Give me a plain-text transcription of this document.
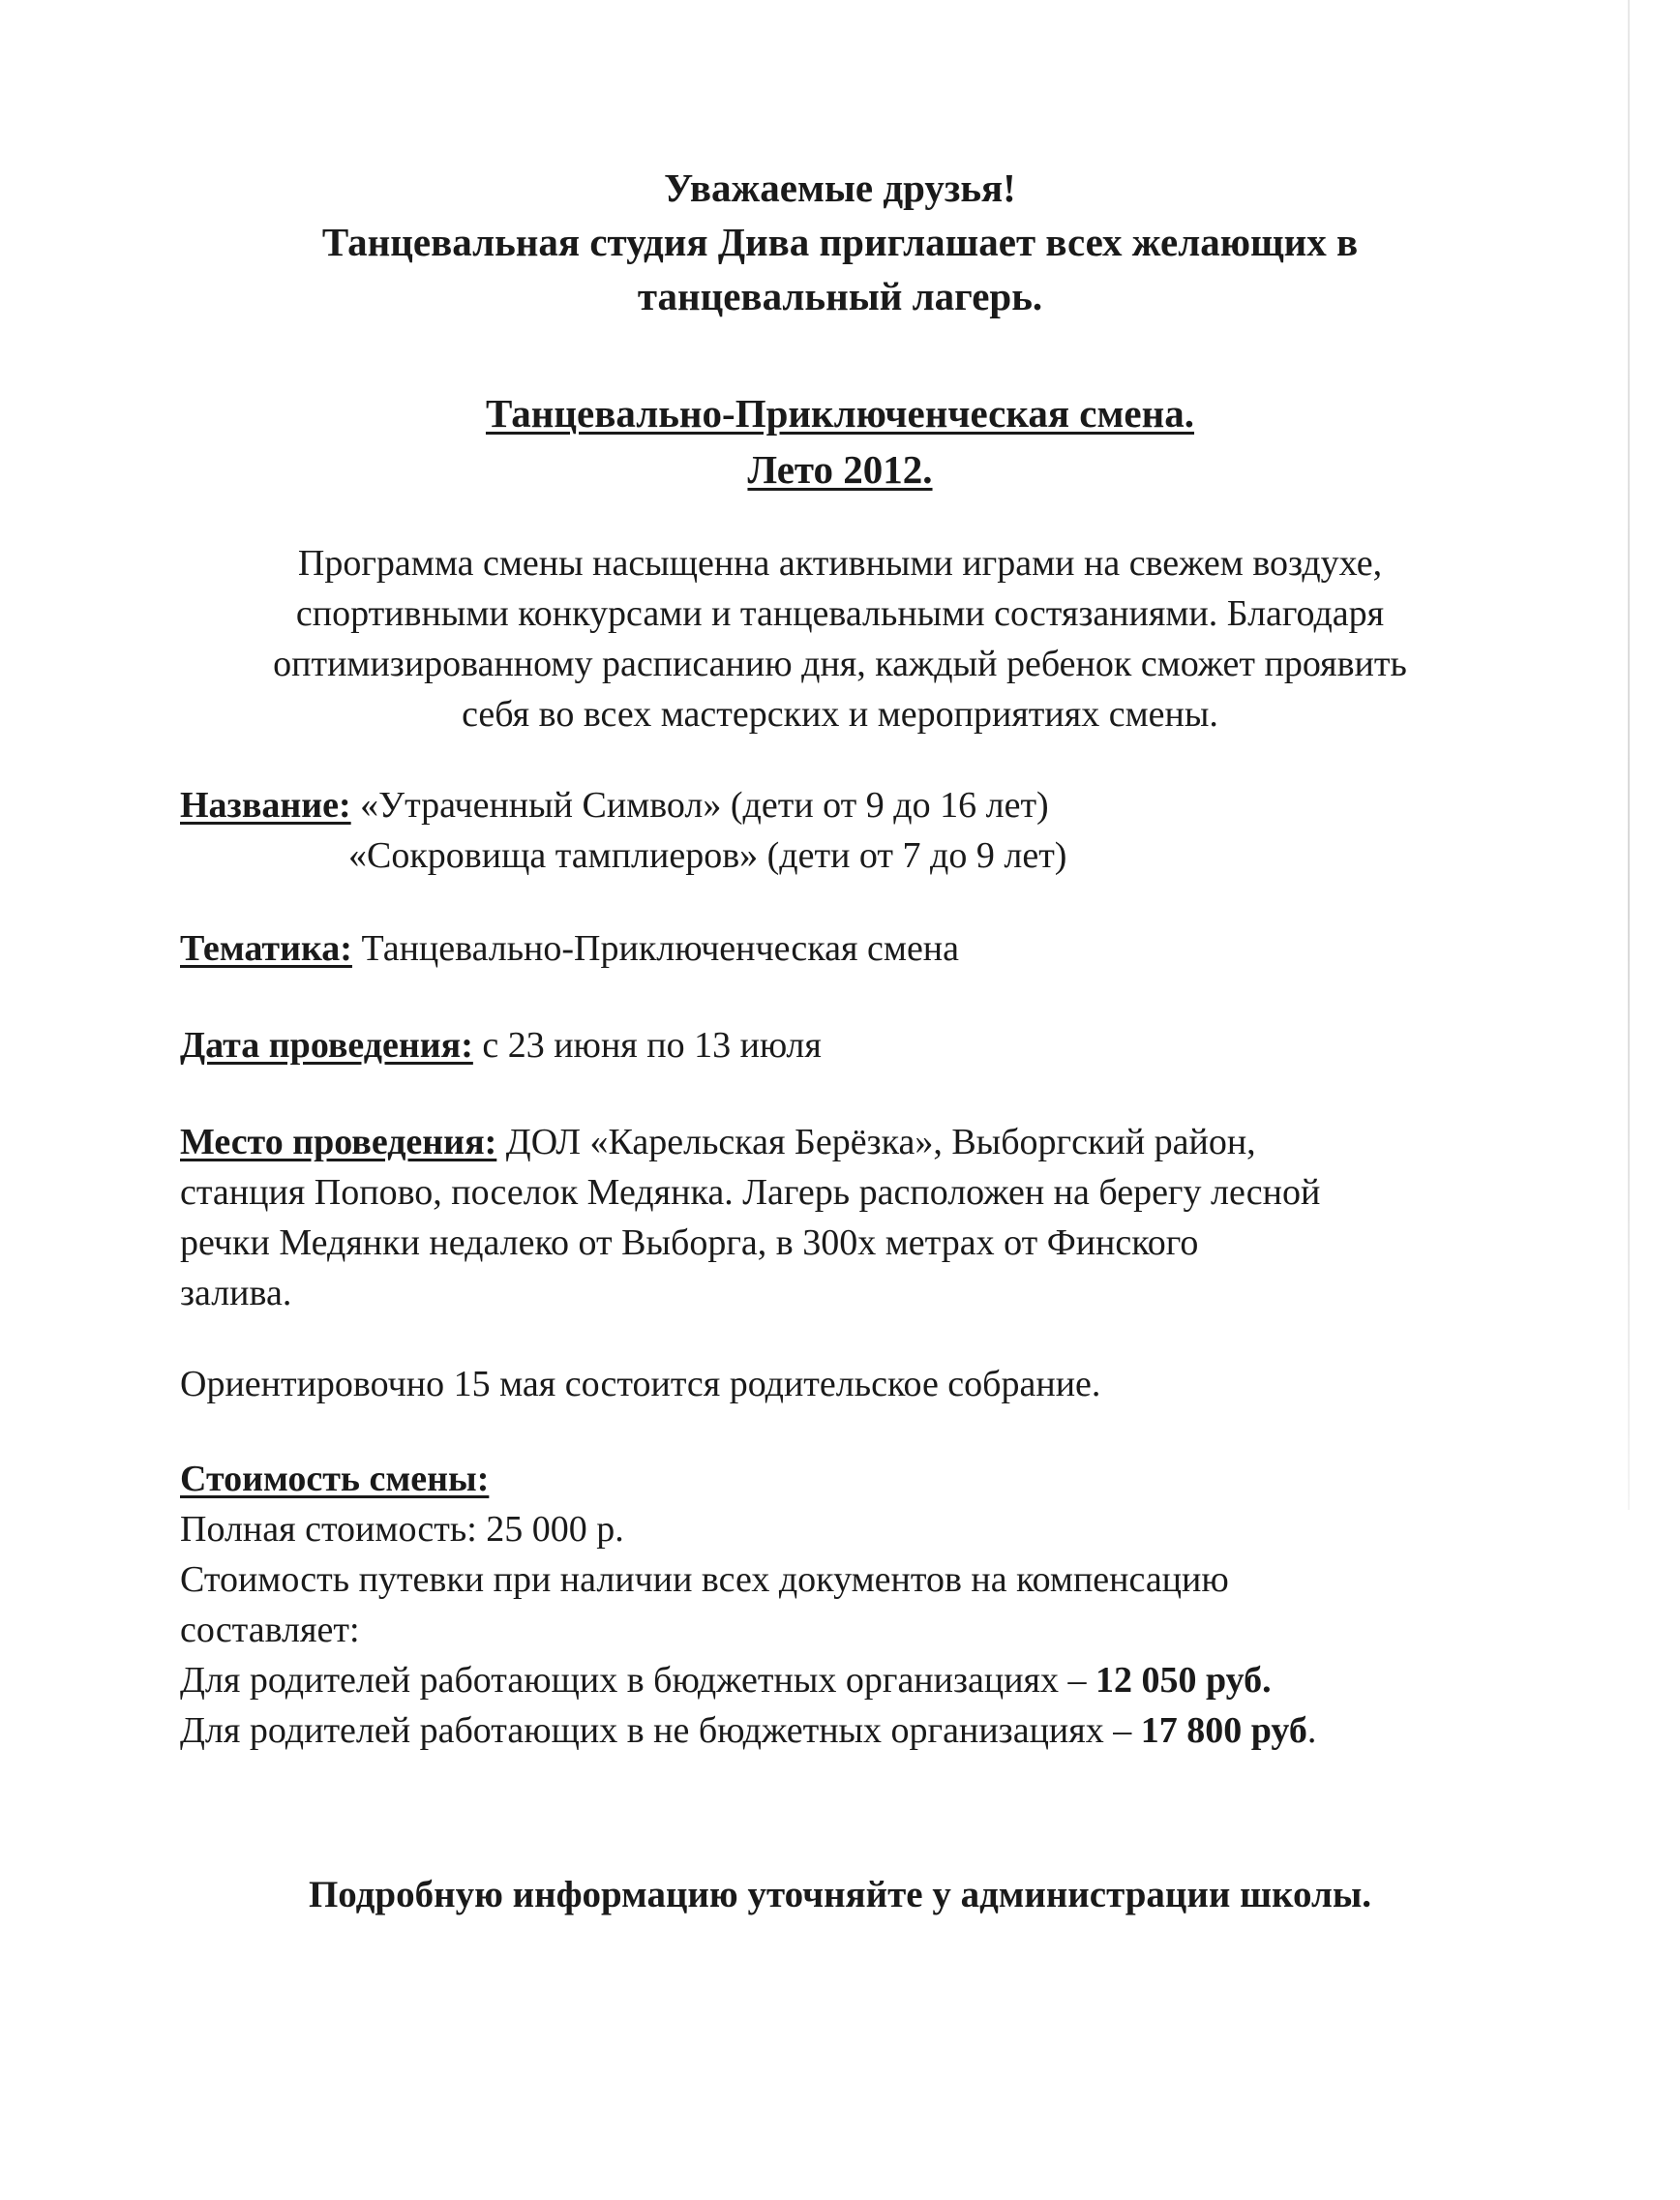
Уважаемые друзья!
Танцевальная студия Дива приглашает всех желающих в
танцевальный лагерь.
Танцевально-Приключенческая смена.
Лето 2012.
Программа смены насыщенна активными играми на свежем воздухе,
спортивными конкурсами и танцевальными состязаниями. Благодаря
оптимизированному расписанию дня, каждый ребенок сможет проявить
себя во всех мастерских и мероприятиях смены.
Название: «Утраченный Символ» (дети от 9 до 16 лет)
«Сокровища тамплиеров» (дети от 7 до 9 лет)
Тематика: Танцевально-Приключенческая смена
Дата проведения: с 23 июня по 13 июля
Место проведения: ДОЛ «Карельская Берёзка», Выборгский район,
станция Попово, поселок Медянка. Лагерь расположен на берегу лесной
речки Медянки недалеко от Выборга, в 300х метрах от Финского
залива.
Ориентировочно 15 мая состоится родительское собрание.
Стоимость смены:
Полная стоимость: 25 000 р.
Стоимость путевки при наличии всех документов на компенсацию
составляет:
Для родителей работающих в бюджетных организациях – 12 050 руб.
Для родителей работающих в не бюджетных организациях – 17 800 руб.
Подробную информацию уточняйте у администрации школы.
